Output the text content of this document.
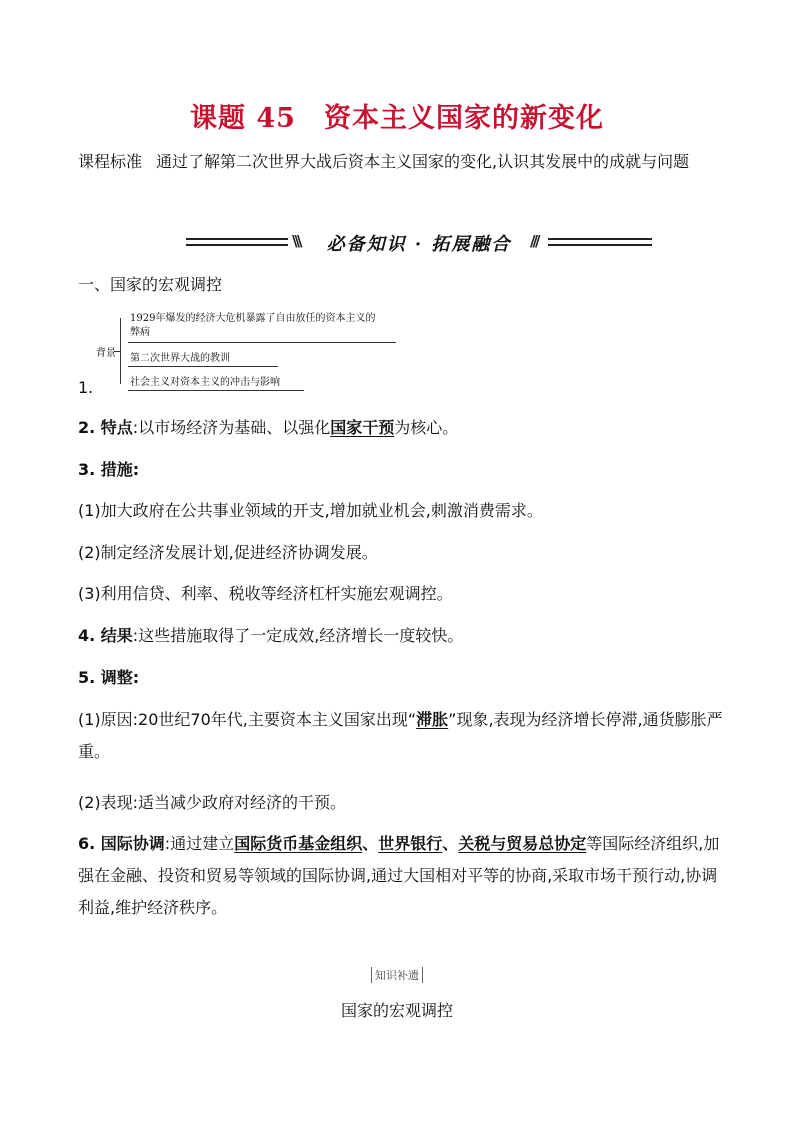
课题 45　资本主义国家的新变化
课程标准 通过了解第二次世界大战后资本主义国家的变化,认识其发展中的成就与问题
\\\	必备知识 · 拓展融合	///
一、国家的宏观调控
1.
背景
1929年爆发的经济大危机暴露了自由放任的资本主义的
弊病
第二次世界大战的教训
社会主义对资本主义的冲击与影响
2. 特点:以市场经济为基础、以强化国家干预为核心。
3. 措施:
(1)加大政府在公共事业领域的开支,增加就业机会,刺激消费需求。
(2)制定经济发展计划,促进经济协调发展。
(3)利用信贷、利率、税收等经济杠杆实施宏观调控。
4. 结果:这些措施取得了一定成效,经济增长一度较快。
5. 调整:
(1)原因:20世纪70年代,主要资本主义国家出现“滞胀”现象,表现为经济增长停滞,通货膨胀严重。
(2)表现:适当减少政府对经济的干预。
6. 国际协调:通过建立国际货币基金组织、世界银行、关税与贸易总协定等国际经济组织,加强在金融、投资和贸易等领域的国际协调,通过大国相对平等的协商,采取市场干预行动,协调利益,维护经济秩序。
知识补遗
国家的宏观调控
